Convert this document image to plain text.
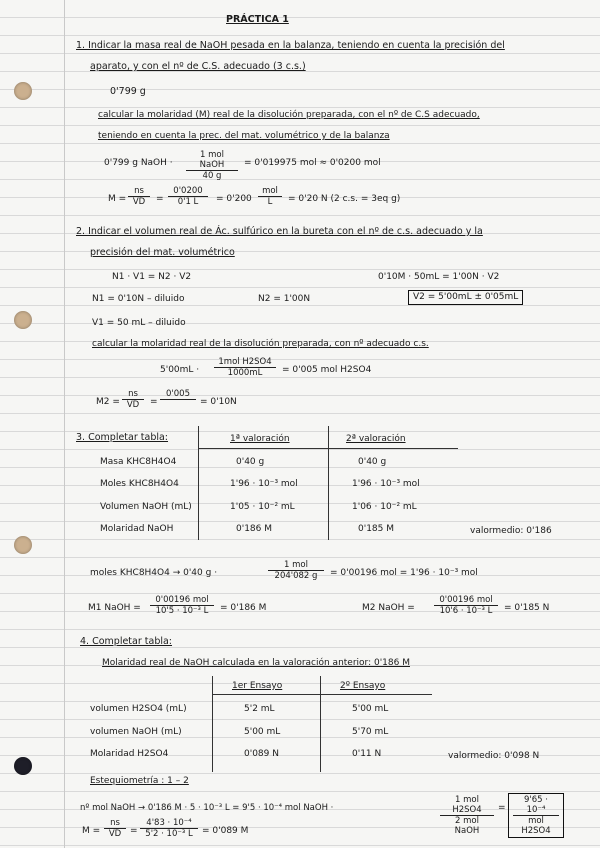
PRÁCTICA 1
1. Indicar la masa real de NaOH pesada en la balanza, teniendo en cuenta la precisión del
aparato, y con el nº de C.S. adecuado (3 c.s.)
0'799 g
calcular la molaridad (M) real de la disolución preparada, con el nº de C.S adecuado,
teniendo en cuenta la prec. del mat. volumétrico y de la balanza
0'799 g NaOH ·
1 mol NaOH
40 g
= 0'019975 mol ≈ 0'0200 mol
$M = \frac{ns}{VD} = \frac{0'0200}{0'1 L} = 0'200$
mol
L	= 0'20 N (2 c.s. = 3eq g)
2. Indicar el volumen real de Ác. sulfúrico en la bureta con el nº de c.s. adecuado y la
precisión del mat. volumétrico
N1 · V1 = N2 · V2	0'10M · 50mL = 1'00N · V2
N1 = 0'10N – diluido	N2 = 1'00N	V2 = 5'00mL ± 0'05mL
V1 = 50 mL – diluido
calcular la molaridad real de la disolución preparada, con nº adecuado c.s.
5'00mL ·
1mol H2SO4
1000mL	= 0'005 mol H2SO4
$M2 = \frac{ns}{VD}$ =
0'005
= 0'10N
3. Completar tabla:	1ª valoración	2ª valoración
Masa KHC8H4O4	0'40 g	0'40 g
Moles KHC8H4O4	1'96 · 10⁻³ mol	1'96 · 10⁻³ mol
Volumen NaOH (mL)	1'05 · 10⁻² mL	1'06 · 10⁻² mL
Molaridad NaOH	0'186 M	0'185 M	valormedio: 0'186
moles KHC8H4O4 → 0'40 g ·
1 mol
204'082 g	= 0'00196 mol = 1'96 · 10⁻³ mol
M1 NaOH =
0'00196 mol
10'5 · 10⁻³ L	= 0'186 M	M2 NaOH =
0'00196 mol
10'6 · 10⁻³ L	= 0'185 N
4. Completar tabla:
Molaridad real de NaOH calculada en la valoración anterior: 0'186 M
1er Ensayo	2º Ensayo
volumen H2SO4 (mL)	5'2 mL	5'00 mL
volumen NaOH (mL)	5'00 mL	5'70 mL
Molaridad H2SO4	0'089 N	0'11 N	valormedio: 0'098 N
Estequiometría : 1 – 2
nº mol NaOH → 0'186 M · 5 · 10⁻³ L = 9'5 · 10⁻⁴ mol NaOH ·
1 mol H2SO4
2 mol NaOH
=
9'65 · 10⁻⁴
mol H2SO4
$M = \frac{ns}{VD} = \frac{\text{4'83 · 10⁻⁴}}{\text{5'2 · 10⁻³ L}} = 0'089$ M
